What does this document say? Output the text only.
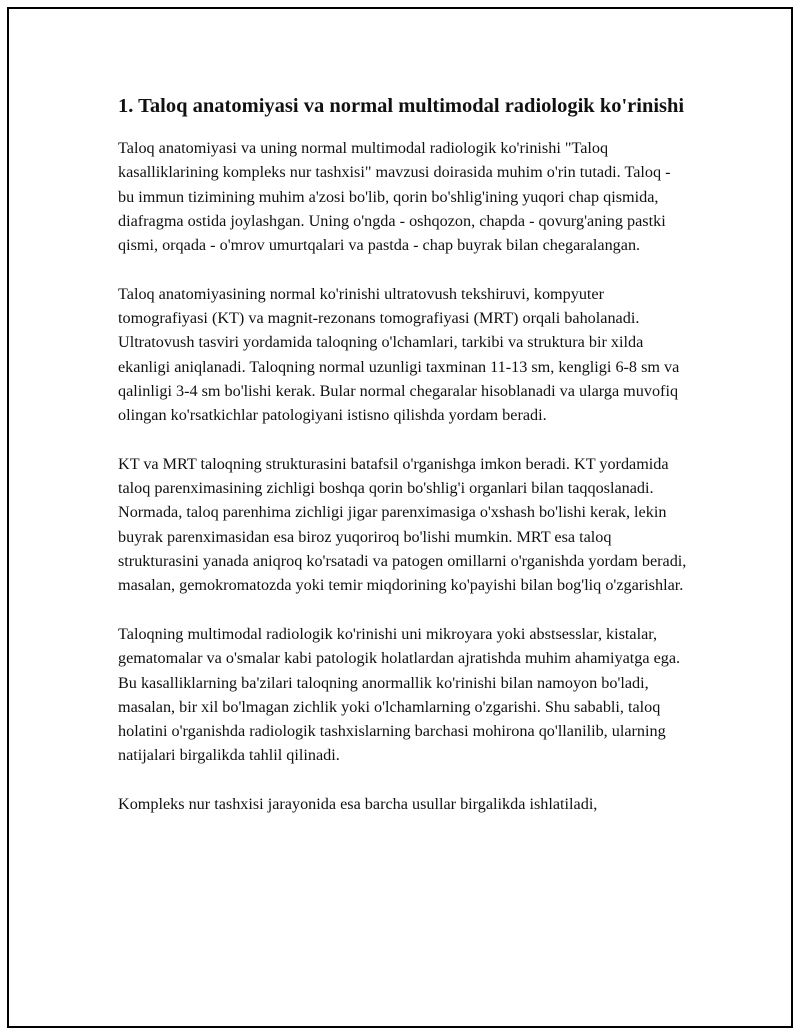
1. Taloq anatomiyasi va normal multimodal radiologik ko'rinishi

Taloq anatomiyasi va uning normal multimodal radiologik ko'rinishi "Taloq kasalliklarining kompleks nur tashxisi" mavzusi doirasida muhim o'rin tutadi. Taloq - bu immun tizimining muhim a'zosi bo'lib, qorin bo'shlig'ining yuqori chap qismida, diafragma ostida joylashgan. Uning o'ngda - oshqozon, chapda - qovurg'aning pastki qismi, orqada - o'mrov umurtqalari va pastda - chap buyrak bilan chegaralangan.

Taloq anatomiyasining normal ko'rinishi ultratovush tekshiruvi, kompyuter tomografiyasi (KT) va magnit-rezonans tomografiyasi (MRT) orqali baholanadi. Ultratovush tasviri yordamida taloqning o'lchamlari, tarkibi va struktura bir xilda ekanligi aniqlanadi. Taloqning normal uzunligi taxminan 11-13 sm, kengligi 6-8 sm va qalinligi 3-4 sm bo'lishi kerak. Bular normal chegaralar hisoblanadi va ularga muvofiq olingan ko'rsatkichlar patologiyani istisno qilishda yordam beradi.

KT va MRT taloqning strukturasini batafsil o'rganishga imkon beradi. KT yordamida taloq parenximasining zichligi boshqa qorin bo'shlig'i organlari bilan taqqoslanadi. Normada, taloq parenhima zichligi jigar parenximasiga o'xshash bo'lishi kerak, lekin buyrak parenximasidan esa biroz yuqoriroq bo'lishi mumkin. MRT esa taloq strukturasini yanada aniqroq ko'rsatadi va patogen omillarni o'rganishda yordam beradi, masalan, gemokromatozda yoki temir miqdorining ko'payishi bilan bog'liq o'zgarishlar.

Taloqning multimodal radiologik ko'rinishi uni mikroyara yoki abstsesslar, kistalar, gematomalar va o'smalar kabi patologik holatlardan ajratishda muhim ahamiyatga ega. Bu kasalliklarning ba'zilari taloqning anormallik ko'rinishi bilan namoyon bo'ladi, masalan, bir xil bo'lmagan zichlik yoki o'lchamlarning o'zgarishi. Shu sababli, taloq holatini o'rganishda radiologik tashxislarning barchasi mohirona qo'llanilib, ularning natijalari birgalikda tahlil qilinadi.

Kompleks nur tashxisi jarayonida esa barcha usullar birgalikda ishlatiladi,
